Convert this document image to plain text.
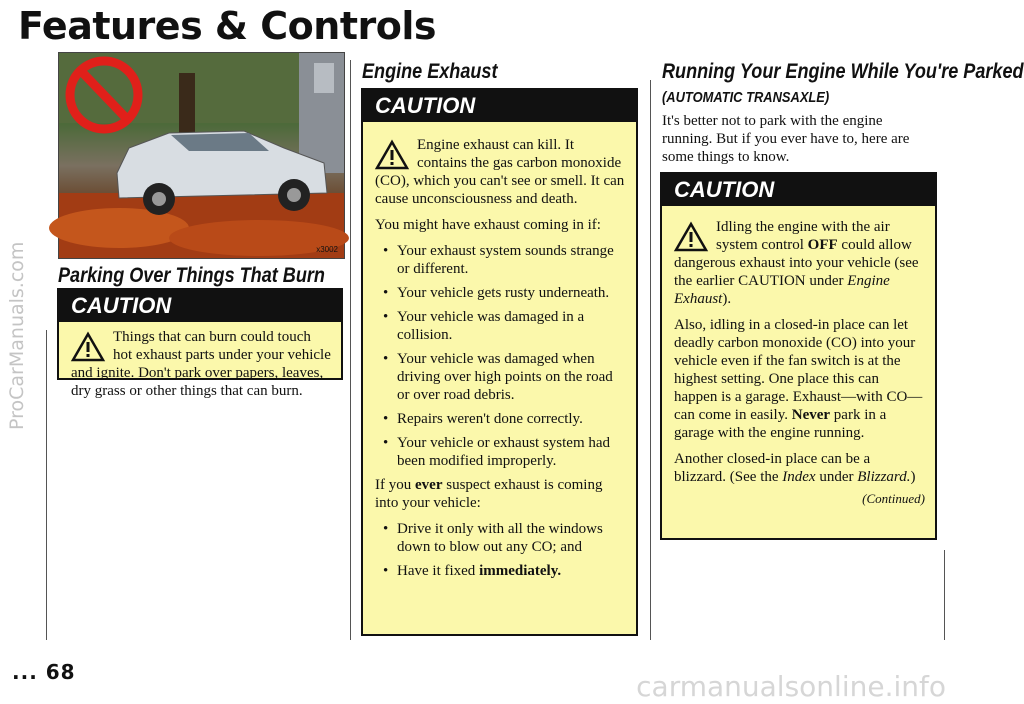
Features & Controls
ProCarManuals.com
carmanualsonline.info
x3002
Parking Over Things That Burn
CAUTION

Things that can burn could touch hot exhaust parts under your vehicle and ignite. Don't park over papers, leaves, dry grass or other things that can burn.

Engine Exhaust
CAUTION

Engine exhaust can kill. It contains the gas carbon monoxide (CO), which you can't see or smell. It can cause unconsciousness and death.

You might have exhaust coming in if:

• Your exhaust system sounds strange or different.
• Your vehicle gets rusty underneath.
• Your vehicle was damaged in a collision.
• Your vehicle was damaged when driving over high points on the road or over road debris.
• Repairs weren't done correctly.
• Your vehicle or exhaust system had been modified improperly.

If you ever suspect exhaust is coming into your vehicle:

• Drive it only with all the windows down to blow out any CO; and
• Have it fixed immediately.
Running Your Engine While You're Parked
(AUTOMATIC TRANSAXLE)

It's better not to park with the engine running. But if you ever have to, here are some things to know.

CAUTION

Idling the engine with the air system control OFF could allow dangerous exhaust into your vehicle (see the earlier CAUTION under Engine Exhaust).

Also, idling in a closed-in place can let deadly carbon monoxide (CO) into your vehicle even if the fan switch is at the highest setting. One place this can happen is a garage. Exhaust—with CO—can come in easily. Never park in a garage with the engine running.

Another closed-in place can be a blizzard. (See the Index under Blizzard.)
(Continued)

... 68
